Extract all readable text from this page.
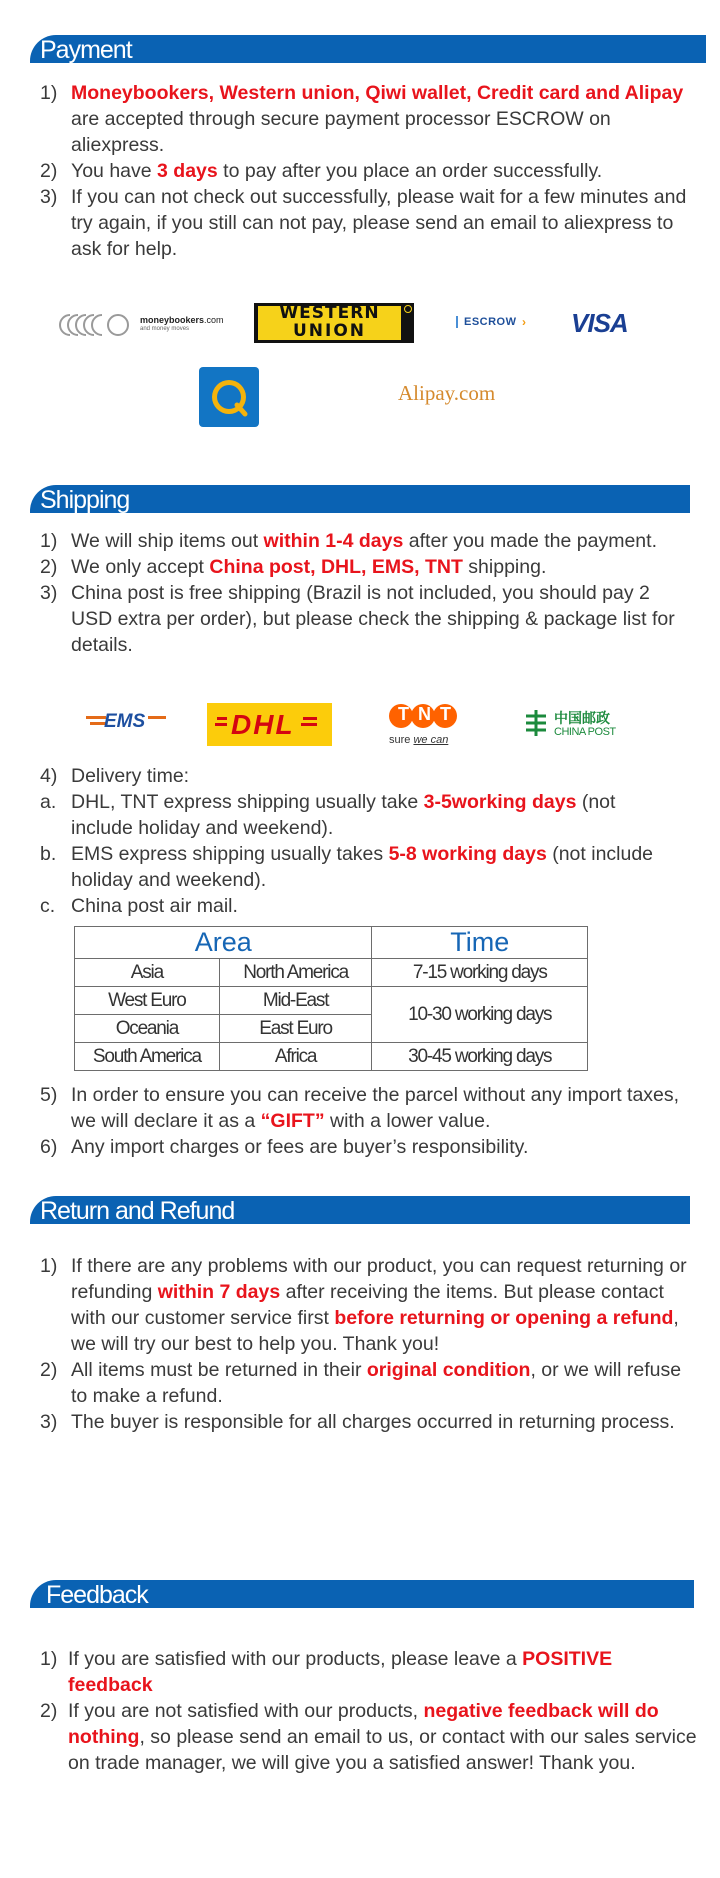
Payment
1) Moneybookers, Western union, Qiwi wallet, Credit card and Alipay are accepted through secure payment processor ESCROW on aliexpress.
2) You have 3 days to pay after you place an order successfully.
3) If you can not check out successfully, please wait for a few minutes and try again, if you still can not pay, please send an email to aliexpress to ask for help.
moneybookers.com
and money moves
WESTERN
UNION	ESCROW › VISA
Alipay.com
Shipping
1) We will ship items out within 1-4 days after you made the payment.
2) We only accept China post, DHL, EMS, TNT shipping.
3) China post is free shipping (Brazil is not included, you should pay 2 USD extra per order), but please check the shipping & package list for details.
EMS	DHL	TNT
sure we can
中国邮政
CHINA POST
4) Delivery time:
a. DHL, TNT express shipping usually take 3-5working days (not include holiday and weekend).
b. EMS express shipping usually takes 5-8 working days (not include holiday and weekend).
c. China post air mail.
Area		Time
Asia	North America	7-15 working days
West Euro	Mid-East	10-30 working days
Oceania	East Euro	
South America	Africa	30-45 working days
5) In order to ensure you can receive the parcel without any import taxes, we will declare it as a “GIFT” with a lower value.
6) Any import charges or fees are buyer’s responsibility.
Return and Refund
1) If there are any problems with our product, you can request returning or refunding within 7 days after receiving the items. But please contact with our customer service first before returning or opening a refund, we will try our best to help you. Thank you!
2) All items must be returned in their original condition, or we will refuse to make a refund.
3) The buyer is responsible for all charges occurred in returning process.
Feedback
1) If you are satisfied with our products, please leave a POSITIVE feedback
2) If you are not satisfied with our products, negative feedback will do nothing, so please send an email to us, or contact with our sales service on trade manager, we will give you a satisfied answer! Thank you.
